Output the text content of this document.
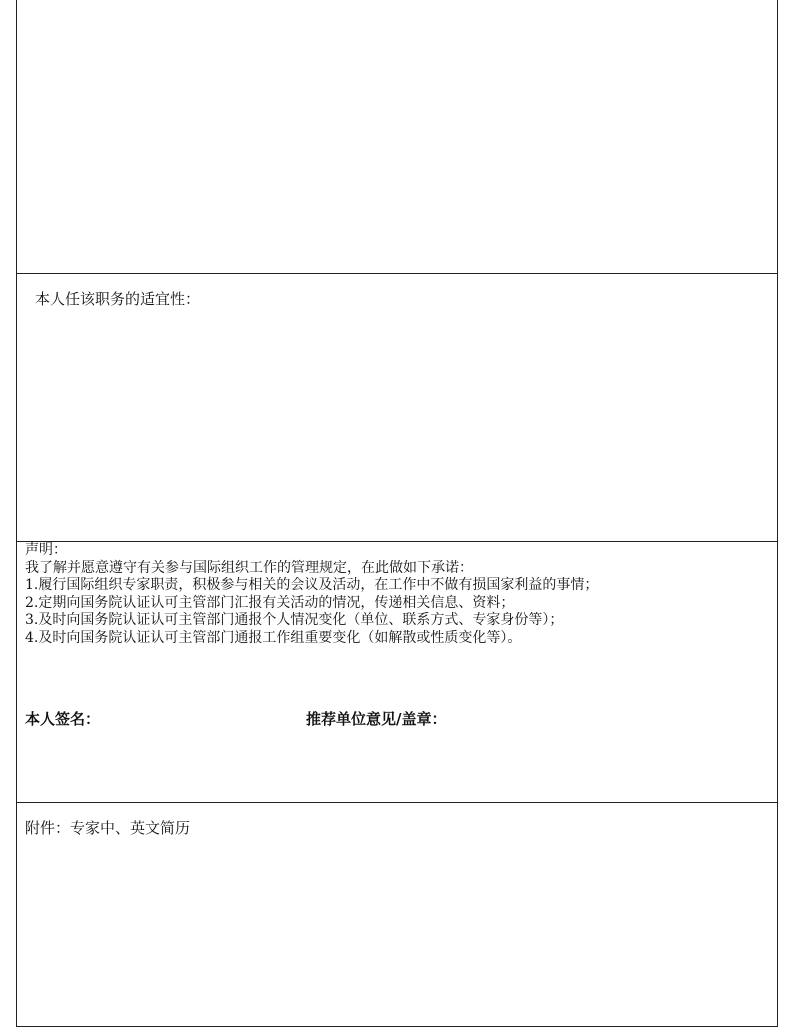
本人任该职务的适宜性：
声明：
我了解并愿意遵守有关参与国际组织工作的管理规定，在此做如下承诺：
1.履行国际组织专家职责，积极参与相关的会议及活动，在工作中不做有损国家利益的事情；
2.定期向国务院认证认可主管部门汇报有关活动的情况，传递相关信息、资料；
3.及时向国务院认证认可主管部门通报个人情况变化（单位、联系方式、专家身份等）；
4.及时向国务院认证认可主管部门通报工作组重要变化（如解散或性质变化等）。
本人签名：	推荐单位意见/盖章：
附件：专家中、英文简历
